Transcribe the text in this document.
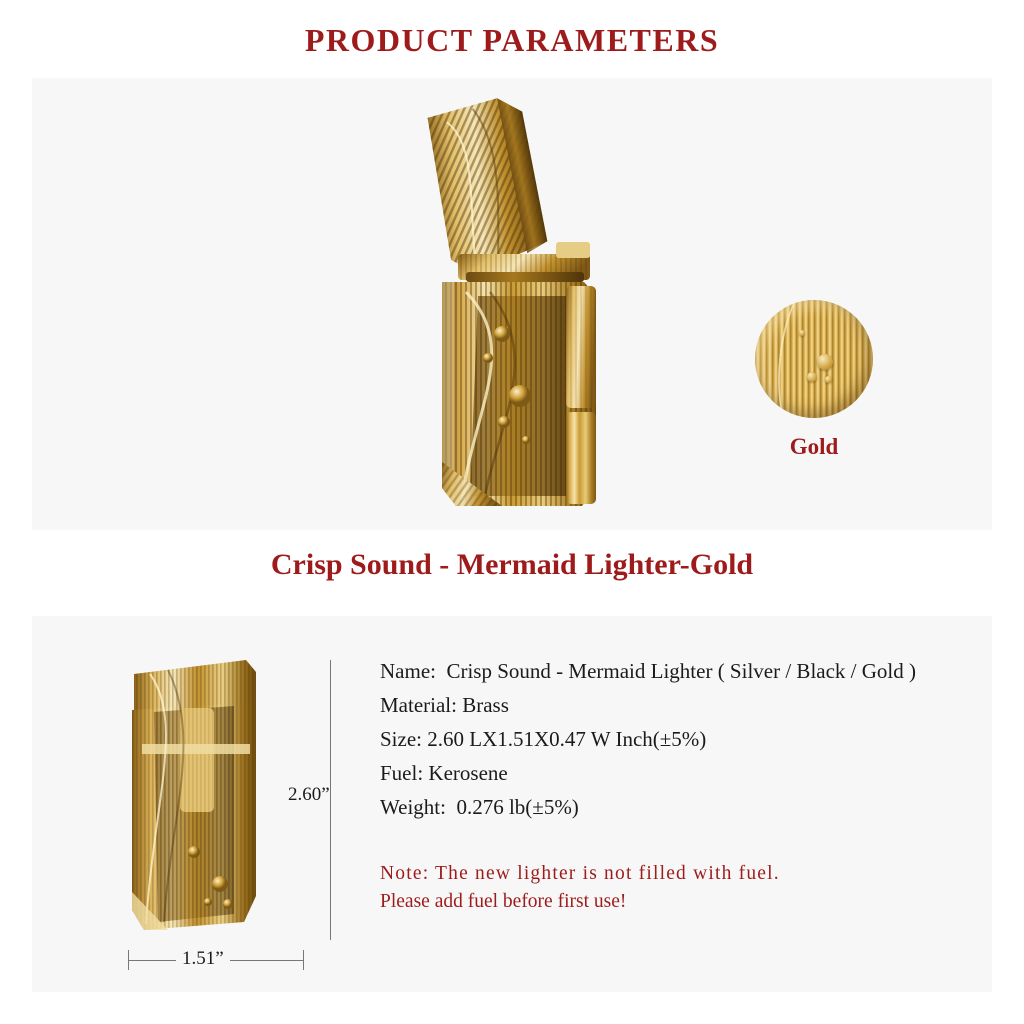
PRODUCT PARAMETERS
Gold
Crisp Sound - Mermaid Lighter-Gold
2.60”
1.51”
Name:  Crisp Sound - Mermaid Lighter ( Silver / Black / Gold )
Material: Brass
Size: 2.60 LX1.51X0.47 W Inch(±5%)
Fuel: Kerosene
Weight:  0.276 lb(±5%)
Note: The new lighter is not filled with fuel.
Please add fuel before first use!
